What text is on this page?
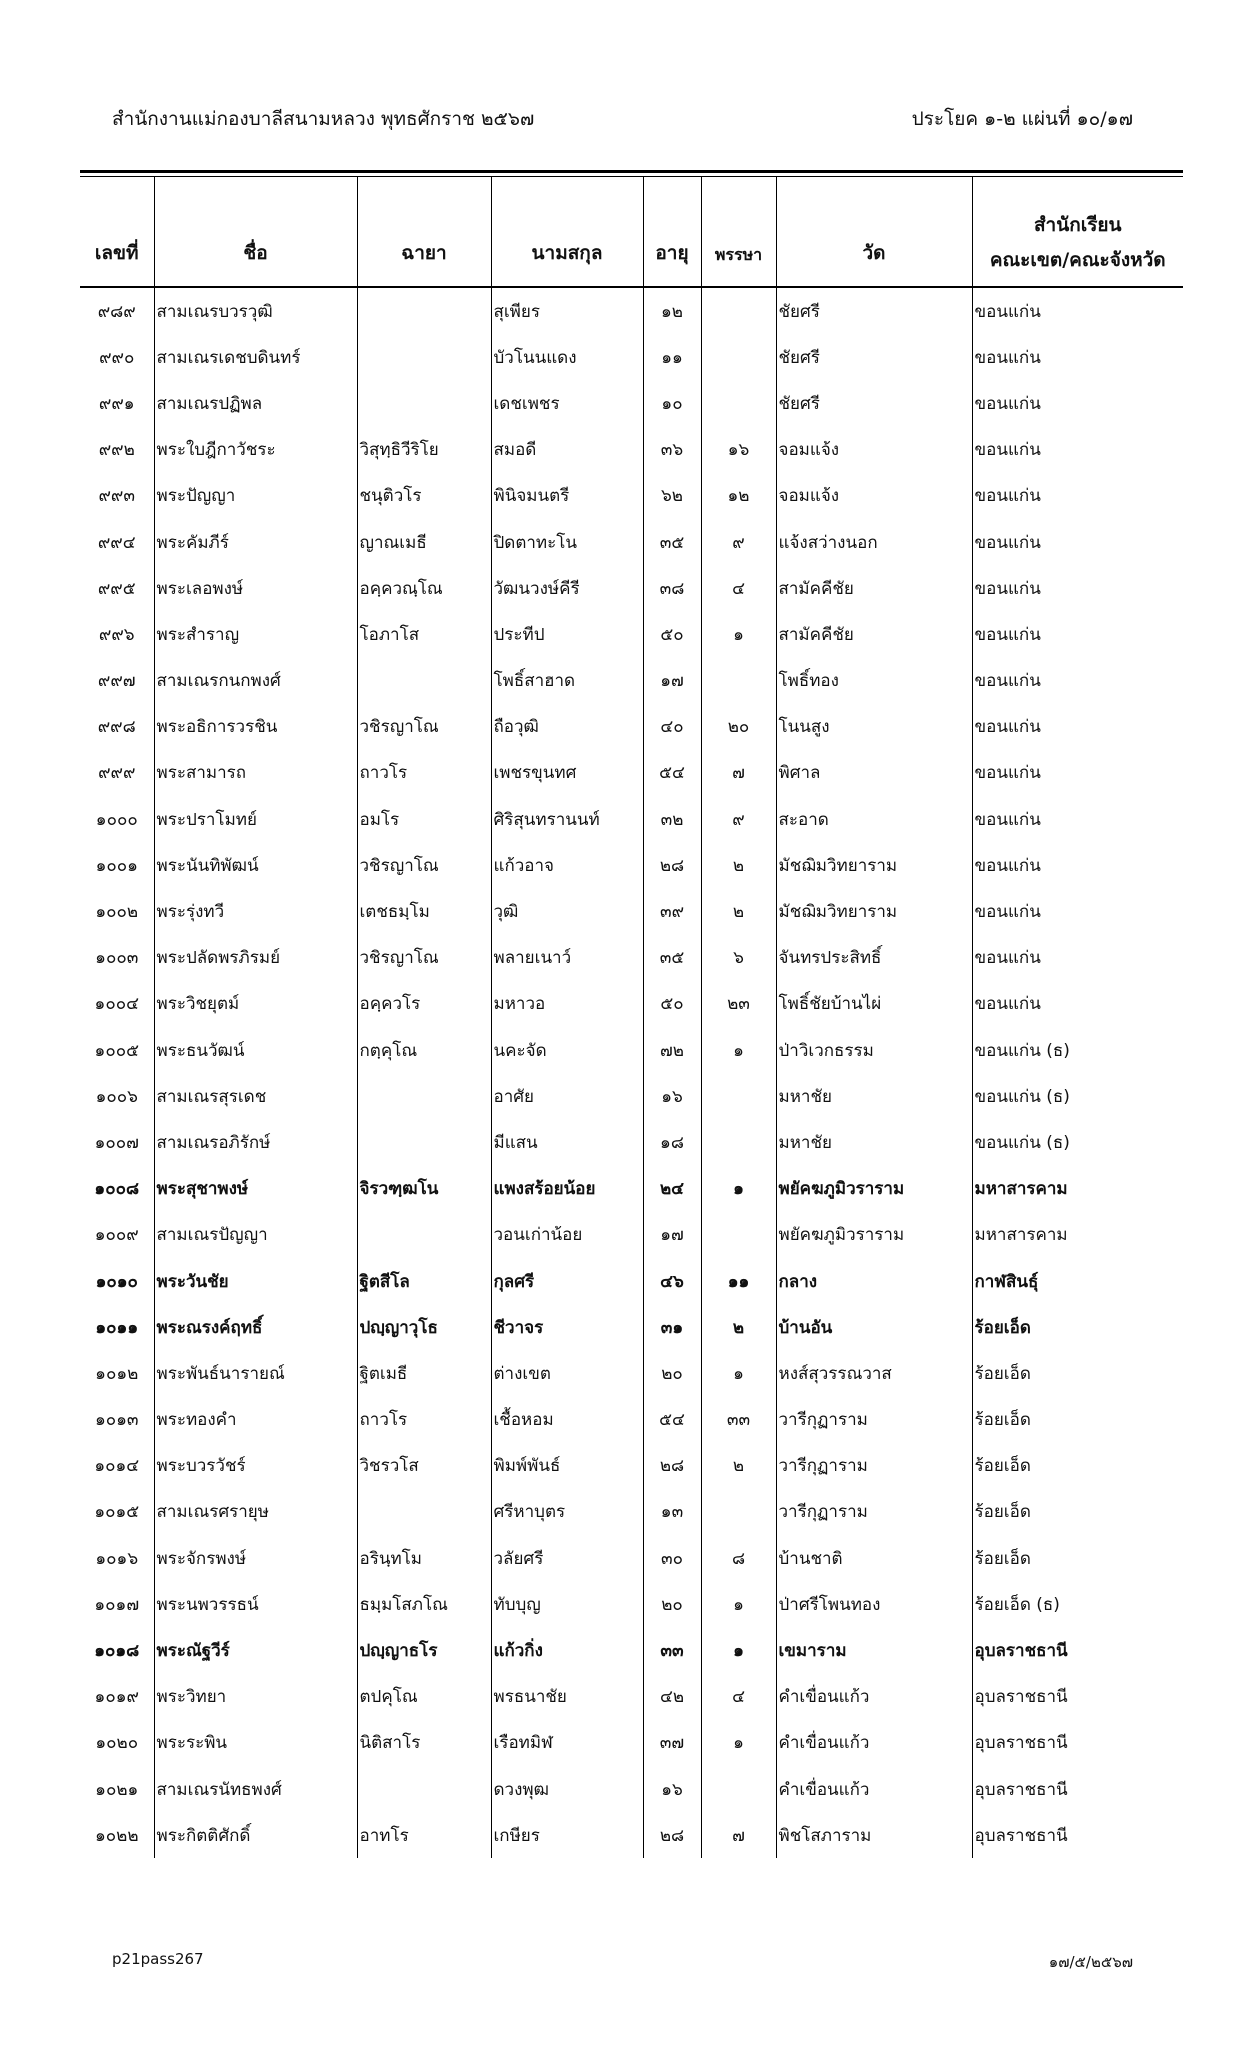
สำนักงานแม่กองบาลีสนามหลวง พุทธศักราช ๒๕๖๗	ประโยค ๑-๒ แผ่นที่ ๑๐/๑๗
เลขที่	ชื่อ	ฉายา	นามสกุล	อายุ	พรรษา	วัด	สำนักเรียน
คณะเขต/คณะจังหวัด

๙๘๙	สามเณรบวรวุฒิ		สุเพียร	๑๒		ชัยศรี	ขอนแก่น
๙๙๐	สามเณรเดชบดินทร์		บัวโนนแดง	๑๑		ชัยศรี	ขอนแก่น
๙๙๑	สามเณรปฏิพล		เดชเพชร	๑๐		ชัยศรี	ขอนแก่น
๙๙๒	พระใบฎีกาวัชระ	วิสุทฺธิวีริโย	สมอดี	๓๖	๑๖	จอมแจ้ง	ขอนแก่น
๙๙๓	พระปัญญา	ชนุติวโร	พินิจมนตรี	๖๒	๑๒	จอมแจ้ง	ขอนแก่น
๙๙๔	พระคัมภีร์	ญาณเมธี	ปิดตาทะโน	๓๕	๙	แจ้งสว่างนอก	ขอนแก่น
๙๙๕	พระเลอพงษ์	อคฺควณฺโณ	วัฒนวงษ์คีรี	๓๘	๔	สามัคคีชัย	ขอนแก่น
๙๙๖	พระสำราญ	โอภาโส	ประทีป	๕๐	๑	สามัคคีชัย	ขอนแก่น
๙๙๗	สามเณรกนกพงศ์		โพธิ์สาฮาด	๑๗		โพธิ์ทอง	ขอนแก่น
๙๙๘	พระอธิการวรชิน	วชิรญาโณ	ถือวุฒิ	๔๐	๒๐	โนนสูง	ขอนแก่น
๙๙๙	พระสามารถ	ถาวโร	เพชรขุนทศ	๕๔	๗	พิศาล	ขอนแก่น
๑๐๐๐	พระปราโมทย์	อมโร	ศิริสุนทรานนท์	๓๒	๙	สะอาด	ขอนแก่น
๑๐๐๑	พระนันทิพัฒน์	วชิรญาโณ	แก้วอาจ	๒๘	๒	มัชฌิมวิทยาราม	ขอนแก่น
๑๐๐๒	พระรุ่งทวี	เตชธมฺโม	วุฒิ	๓๙	๒	มัชฌิมวิทยาราม	ขอนแก่น
๑๐๐๓	พระปลัดพรภิรมย์	วชิรญาโณ	พลายเนาว์	๓๕	๖	จันทรประสิทธิ์	ขอนแก่น
๑๐๐๔	พระวิชยุตม์	อคฺควโร	มหาวอ	๕๐	๒๓	โพธิ์ชัยบ้านไผ่	ขอนแก่น
๑๐๐๕	พระธนวัฒน์	กตฺคุโณ	นคะจัด	๗๒	๑	ป่าวิเวกธรรม	ขอนแก่น (ธ)
๑๐๐๖	สามเณรสุรเดช		อาศัย	๑๖		มหาชัย	ขอนแก่น (ธ)
๑๐๐๗	สามเณรอภิรักษ์		มีแสน	๑๘		มหาชัย	ขอนแก่น (ธ)
๑๐๐๘	พระสุชาพงษ์	จิรวฑฺฒโน	แพงสร้อยน้อย	๒๔	๑	พยัคฆภูมิวราราม	มหาสารคาม
๑๐๐๙	สามเณรปัญญา		วอนเก่าน้อย	๑๗		พยัคฆภูมิวราราม	มหาสารคาม
๑๐๑๐	พระวันชัย	ฐิตสีโล	กุลศรี	๔๖	๑๑	กลาง	กาฬสินธุ์
๑๐๑๑	พระณรงค์ฤทธิ์	ปญฺญาวุโธ	ชีวาจร	๓๑	๒	บ้านอัน	ร้อยเอ็ด
๑๐๑๒	พระพันธ์นารายณ์	ฐิตเมธี	ต่างเขต	๒๐	๑	หงส์สุวรรณวาส	ร้อยเอ็ด
๑๐๑๓	พระทองคำ	ถาวโร	เชื้อหอม	๕๔	๓๓	วารีกุฏาราม	ร้อยเอ็ด
๑๐๑๔	พระบวรวัชร์	วิชรวโส	พิมพ์พันธ์	๒๘	๒	วารีกุฏาราม	ร้อยเอ็ด
๑๐๑๕	สามเณรศรายุษ		ศรีหาบุตร	๑๓		วารีกุฏาราม	ร้อยเอ็ด
๑๐๑๖	พระจักรพงษ์	อรินฺทโม	วลัยศรี	๓๐	๘	บ้านชาติ	ร้อยเอ็ด
๑๐๑๗	พระนพวรรธน์	ธมฺมโสภโณ	ทับบุญ	๒๐	๑	ป่าศรีโพนทอง	ร้อยเอ็ด (ธ)
๑๐๑๘	พระณัฐวีร์	ปญฺญาธโร	แก้วกิ่ง	๓๓	๑	เขมาราม	อุบลราชธานี
๑๐๑๙	พระวิทยา	ตปคุโณ	พรธนาชัย	๔๒	๔	คำเขื่อนแก้ว	อุบลราชธานี
๑๐๒๐	พระระพิน	นิติสาโร	เรือทมิฬ	๓๗	๑	คำเขื่อนแก้ว	อุบลราชธานี
๑๐๒๑	สามเณรนัทธพงศ์		ดวงพุฒ	๑๖		คำเขื่อนแก้ว	อุบลราชธานี
๑๐๒๒	พระกิตติศักดิ์	อาทโร	เกษียร	๒๘	๗	พิชโสภาราม	อุบลราชธานี
p21pass267	๑๗/๕/๒๕๖๗
